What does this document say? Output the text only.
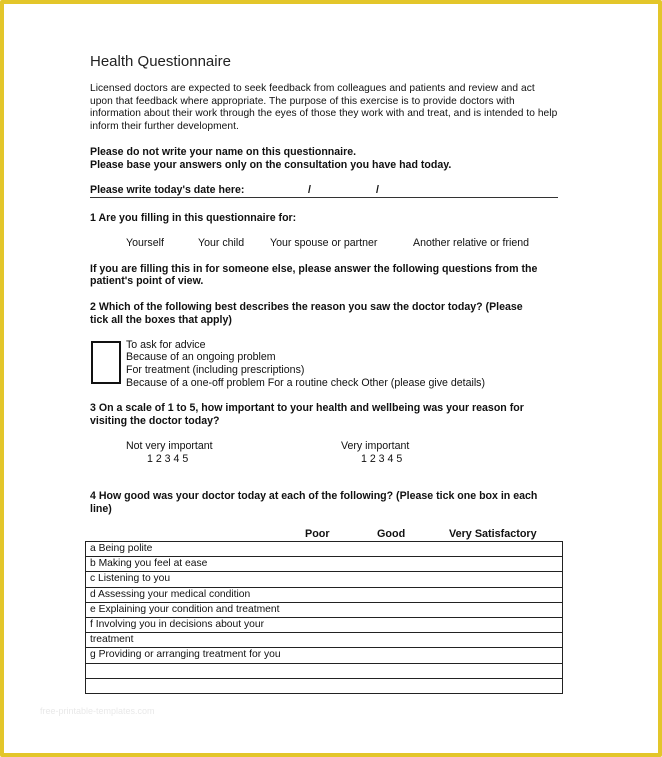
Health Questionnaire
Licensed doctors are expected to seek feedback from colleagues and patients and review and act upon that feedback where appropriate. The purpose of this exercise is to provide doctors with information about their work through the eyes of those they work with and treat, and is intended to help inform their further development.
Please do not write your name on this questionnaire.
Please base your answers only on the consultation you have had today.
Please write today's date here:	/	/
1 Are you filling in this questionnaire for:
Yourself	Your child Your spouse or partner	Another relative or friend
If you are filling this in for someone else, please answer the following questions from the
patient's point of view.
2 Which of the following best describes the reason you saw the doctor today? (Please
tick all the boxes that apply)
To ask for advice
Because of an ongoing problem
For treatment (including prescriptions)
Because of a one-off problem For a routine check Other (please give details)
3 On a scale of 1 to 5, how important to your health and wellbeing was your reason for
visiting the doctor today?
Not very important	Very important
1 2 3 4 5	1 2 3 4 5
4 How good was your doctor today at each of the following? (Please tick one box in each
line)
Poor	Good	Very Satisfactory
a Being polite
b Making you feel at ease
c Listening to you
d Assessing your medical condition
e Explaining your condition and treatment
f Involving you in decisions about your
treatment
g Providing or arranging treatment for you

free-printable-templates.com
